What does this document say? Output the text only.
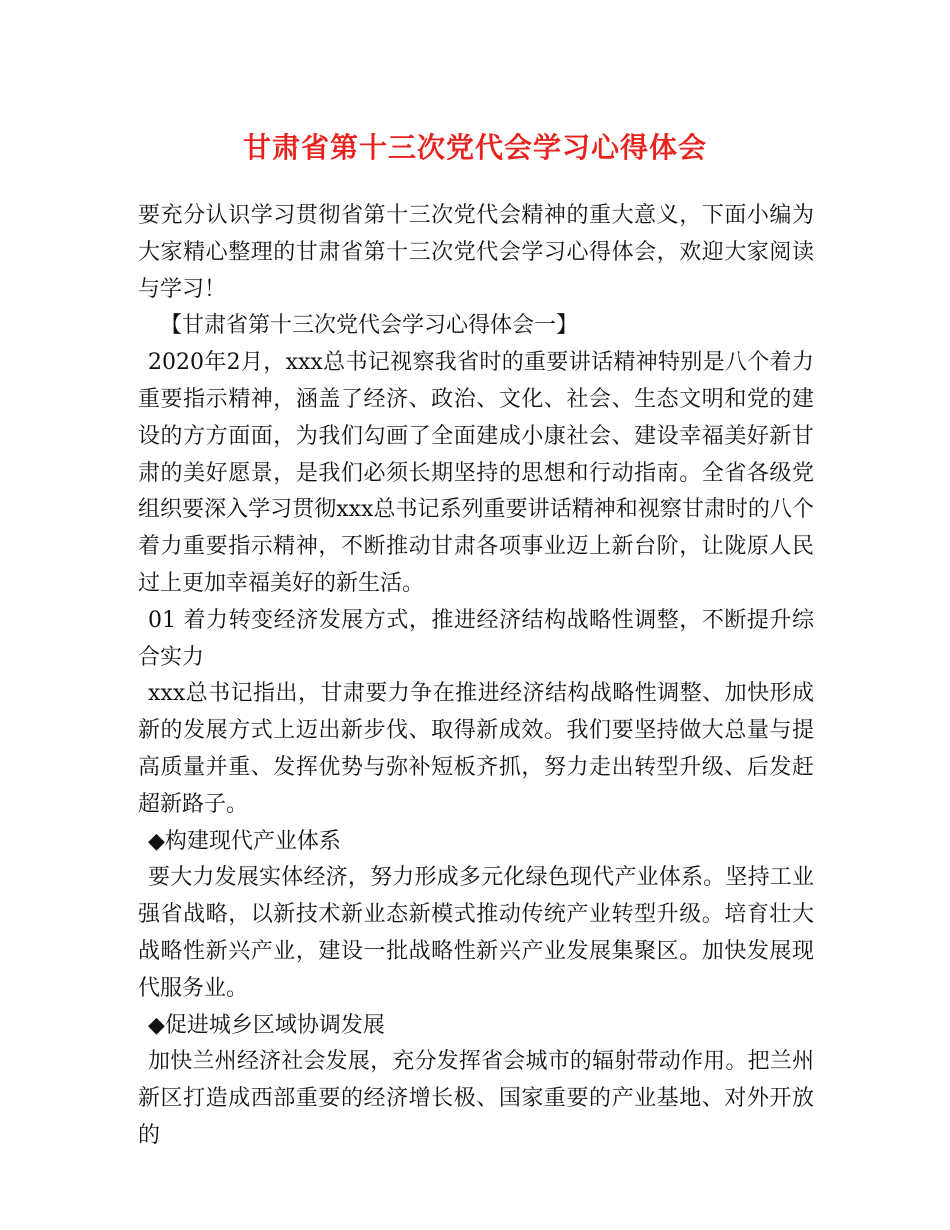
甘肃省第十三次党代会学习心得体会

要充分认识学习贯彻省第十三次党代会精神的重大意义，下面小编为大家精心整理的甘肃省第十三次党代会学习心得体会，欢迎大家阅读与学习！

【甘肃省第十三次党代会学习心得体会一】

2020年2月，xxx总书记视察我省时的重要讲话精神特别是八个着力重要指示精神，涵盖了经济、政治、文化、社会、生态文明和党的建设的方方面面，为我们勾画了全面建成小康社会、建设幸福美好新甘肃的美好愿景，是我们必须长期坚持的思想和行动指南。全省各级党组织要深入学习贯彻xxx总书记系列重要讲话精神和视察甘肃时的八个着力重要指示精神，不断推动甘肃各项事业迈上新台阶，让陇原人民过上更加幸福美好的新生活。

01 着力转变经济发展方式，推进经济结构战略性调整，不断提升综合实力

xxx总书记指出，甘肃要力争在推进经济结构战略性调整、加快形成新的发展方式上迈出新步伐、取得新成效。我们要坚持做大总量与提高质量并重、发挥优势与弥补短板齐抓，努力走出转型升级、后发赶超新路子。

◆构建现代产业体系

要大力发展实体经济，努力形成多元化绿色现代产业体系。坚持工业强省战略，以新技术新业态新模式推动传统产业转型升级。培育壮大战略性新兴产业，建设一批战略性新兴产业发展集聚区。加快发展现代服务业。

◆促进城乡区域协调发展

加快兰州经济社会发展，充分发挥省会城市的辐射带动作用。把兰州新区打造成西部重要的经济增长极、国家重要的产业基地、对外开放的
